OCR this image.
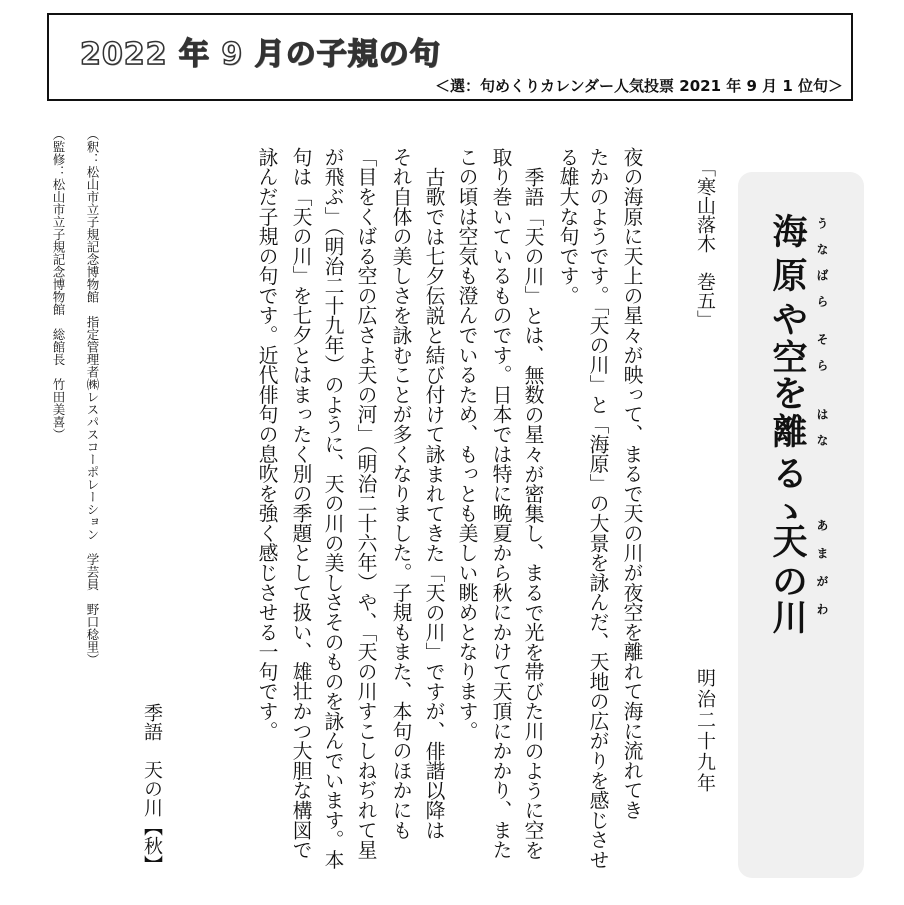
2022 年 9 月の子規の句
＜選：句めくりカレンダー人気投票 2021 年 9 月 1 位句＞
海
原
や
空
を
離
る
ゝ
天
の
川
うなばら
そら
はな
あまがわ
「寒山落木　巻五」
明治二十九年
夜の海原に天上の星々が映って、まるで天の川が夜空を離れて海に流れてき
たかのようです。「天の川」と「海原」の大景を詠んだ、天地の広がりを感じさせ
る雄大な句です。
季語「天の川」とは、無数の星々が密集し、まるで光を帯びた川のように空を
取り巻いているものです。日本では特に晩夏から秋にかけて天頂にかかり、また
この頃は空気も澄んでいるため、もっとも美しい眺めとなります。
古歌では七夕伝説と結び付けて詠まれてきた「天の川」ですが、俳諧以降は
それ自体の美しさを詠むことが多くなりました。子規もまた、本句のほかにも
「目をくばる空の広さよ天の河」（明治二十六年）や、「天の川すこしねぢれて星
が飛ぶ」（明治二十九年）のように、天の川の美しさそのものを詠んでいます。本
句は「天の川」を七夕とはまったく別の季題として扱い、雄壮かつ大胆な構図で
詠んだ子規の句です。近代俳句の息吹を強く感じさせる一句です。
季語　天の川【秋】
（釈：松山市立子規記念博物館　指定管理者㈱レスパスコーポレーション　学芸員　野口稔里）
（監修：松山市立子規記念博物館　総館長　竹田美喜）
